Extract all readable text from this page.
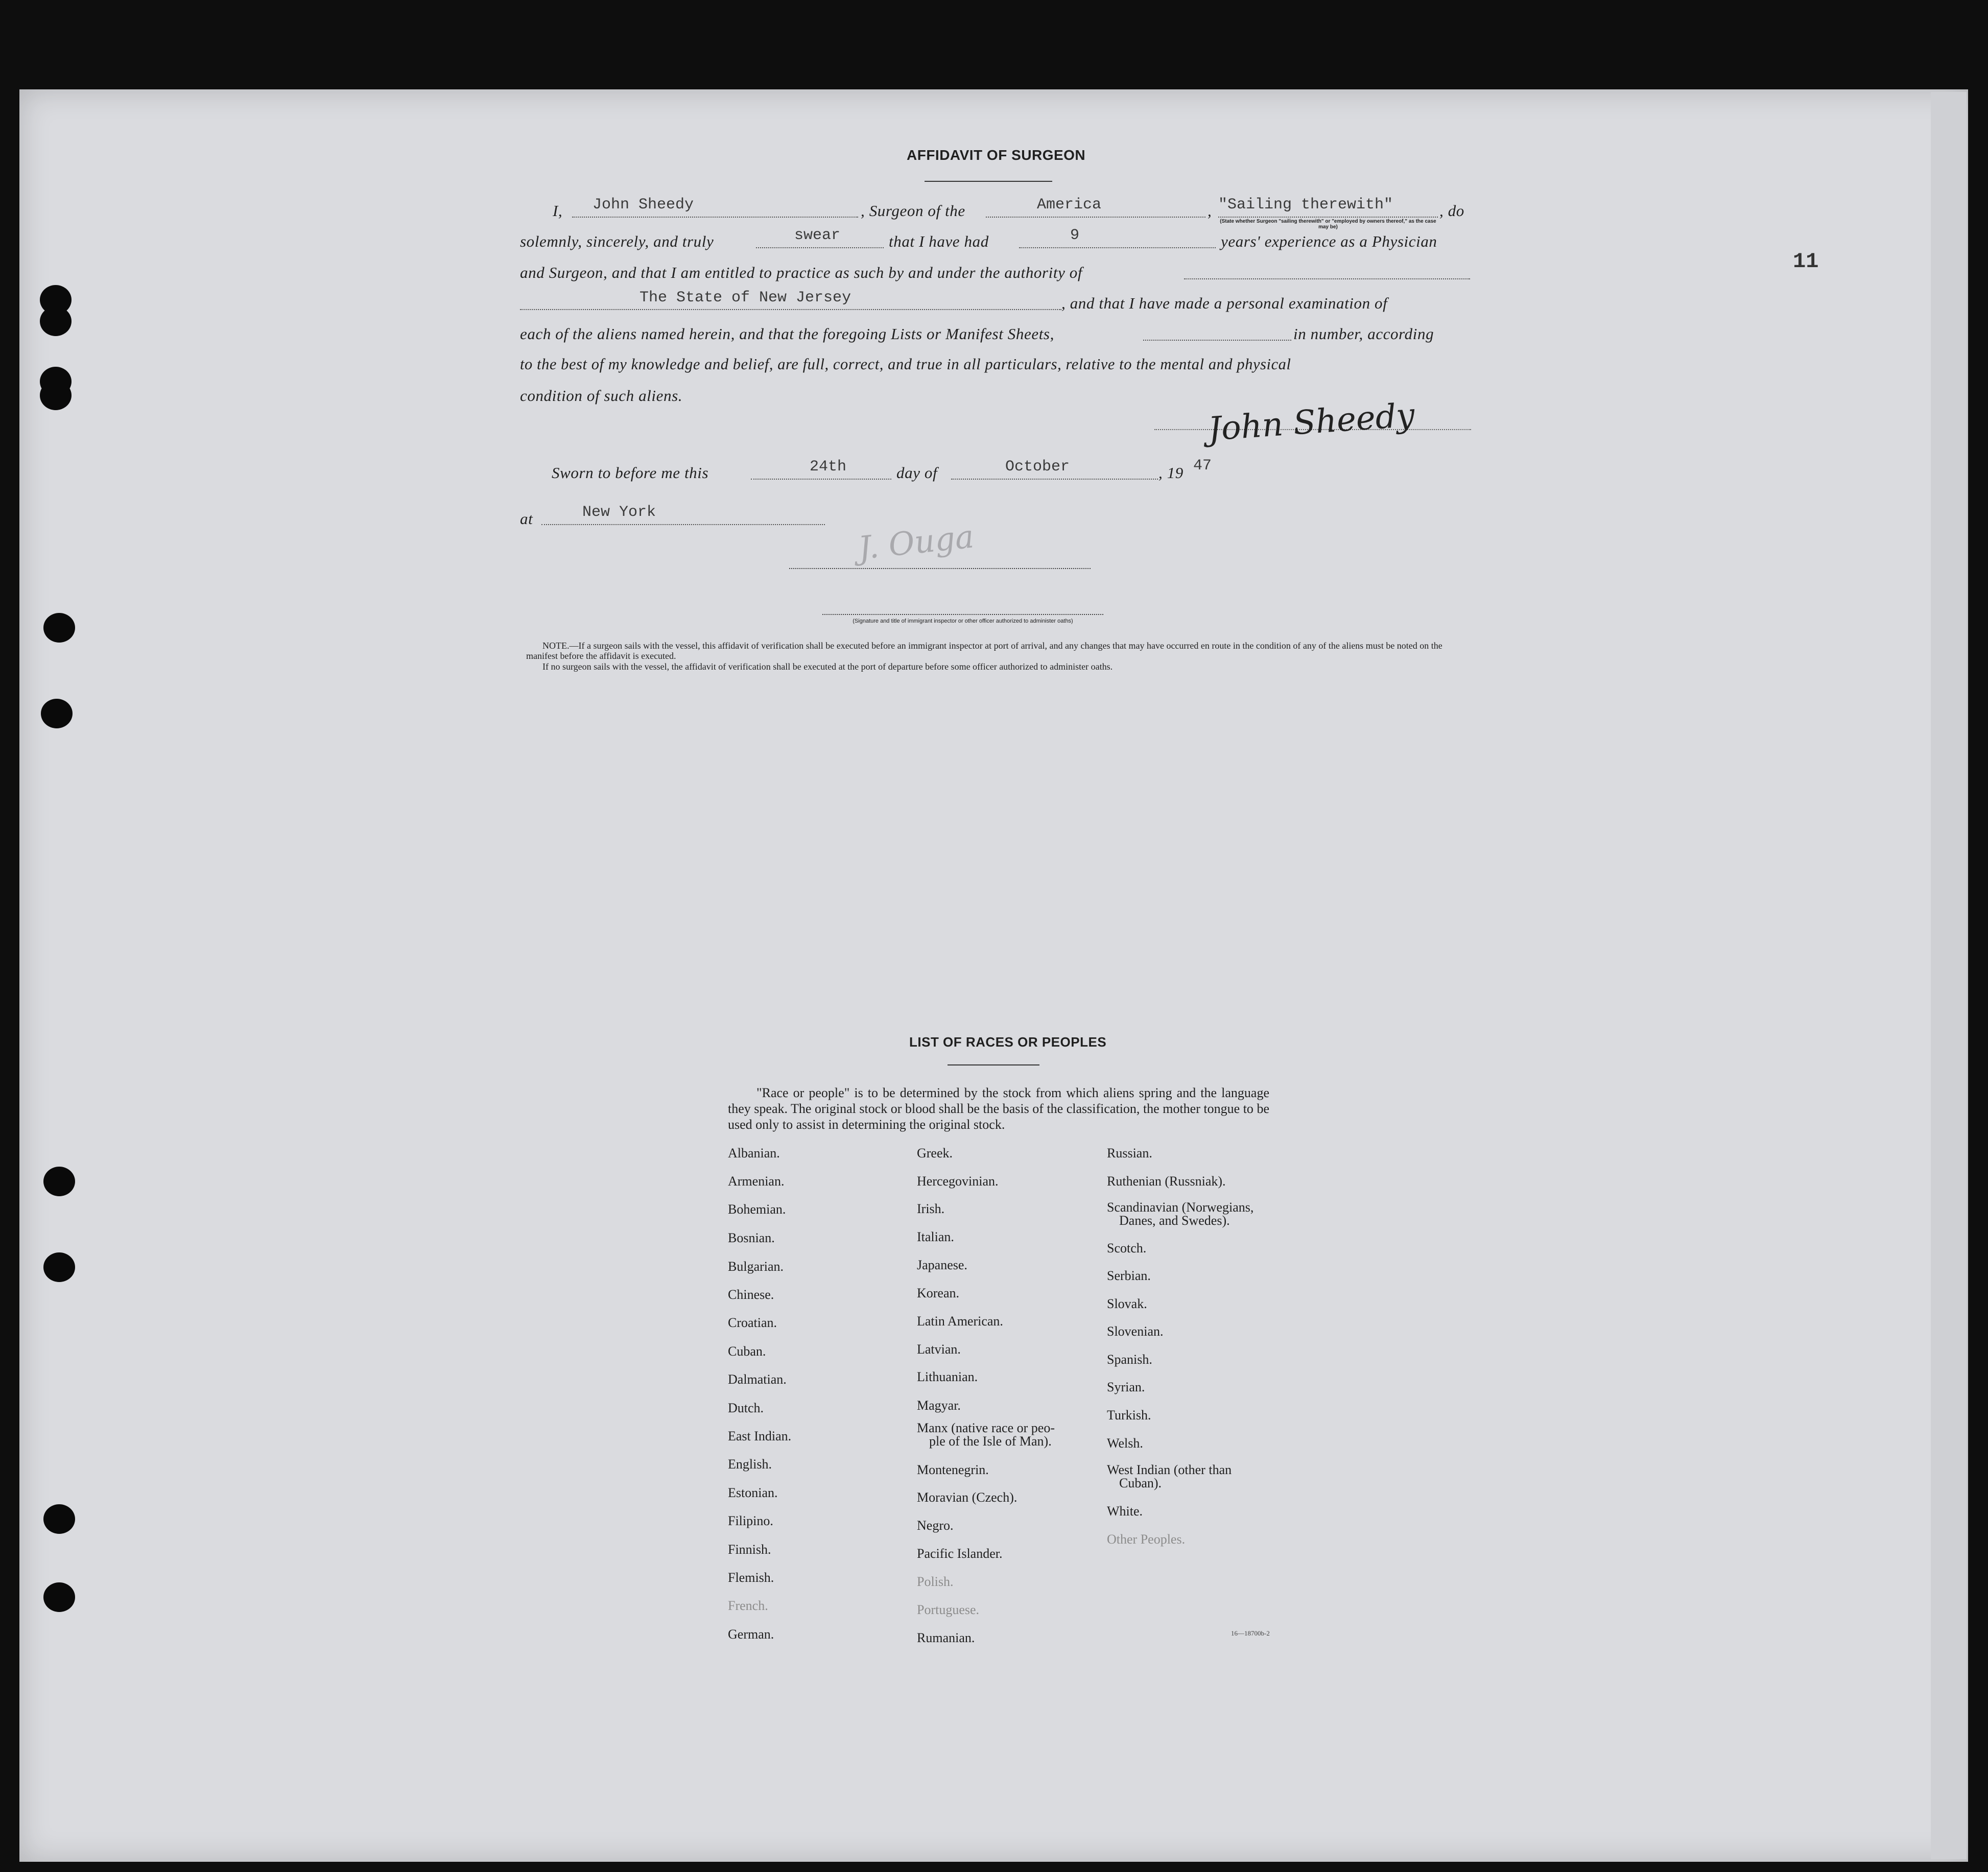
11
AFFIDAVIT OF SURGEON
I, John Sheedy	, Surgeon of the	America	, "Sailing therewith"	, do
(State whether Surgeon "sailing therewith" or "employed by owners thereof," as the case may be)
solemnly, sincerely, and truly	swear	that I have had	9	years' experience as a Physician
and Surgeon, and that I am entitled to practice as such by and under the authority of
The State of New Jersey	, and that I have made a personal examination of
each of the aliens named herein, and that the foregoing Lists or Manifest Sheets,	in number, according
to the best of my knowledge and belief, are full, correct, and true in all particulars, relative to the mental and physical
condition of such aliens.
John Sheedy
Sworn to before me this	24th	day of	October	, 19 47
at	New York
J. Ouga
(Signature and title of immigrant inspector or other officer authorized to administer oaths)
NOTE.—If a surgeon sails with the vessel, this affidavit of verification shall be executed before an immigrant inspector at port of arrival, and any changes that may have occurred en route in the condition of any of the aliens must be noted on the manifest before the affidavit is executed.
If no surgeon sails with the vessel, the affidavit of verification shall be executed at the port of departure before some officer authorized to administer oaths.
LIST OF RACES OR PEOPLES
"Race or people" is to be determined by the stock from which aliens spring and the language they speak. The original stock or blood shall be the basis of the classification, the mother tongue to be used only to assist in determining the original stock.
Albanian.
Armenian.
Bohemian.
Bosnian.
Bulgarian.
Chinese.
Croatian.
Cuban.
Dalmatian.
Dutch.
East Indian.
English.
Estonian.
Filipino.
Finnish.
Flemish.
French.
German.
Greek.
Hercegovinian.
Irish.
Italian.
Japanese.
Korean.
Latin American.
Latvian.
Lithuanian.
Magyar.
Manx (native race or peo-
ple of the Isle of Man).
Montenegrin.
Moravian (Czech).
Negro.
Pacific Islander.
Polish.
Portuguese.
Rumanian.
Russian.
Ruthenian (Russniak).
Scandinavian (Norwegians,
Danes, and Swedes).
Scotch.
Serbian.
Slovak.
Slovenian.
Spanish.
Syrian.
Turkish.
Welsh.
West Indian (other than
Cuban).
White.
Other Peoples.
16—18700b-2
